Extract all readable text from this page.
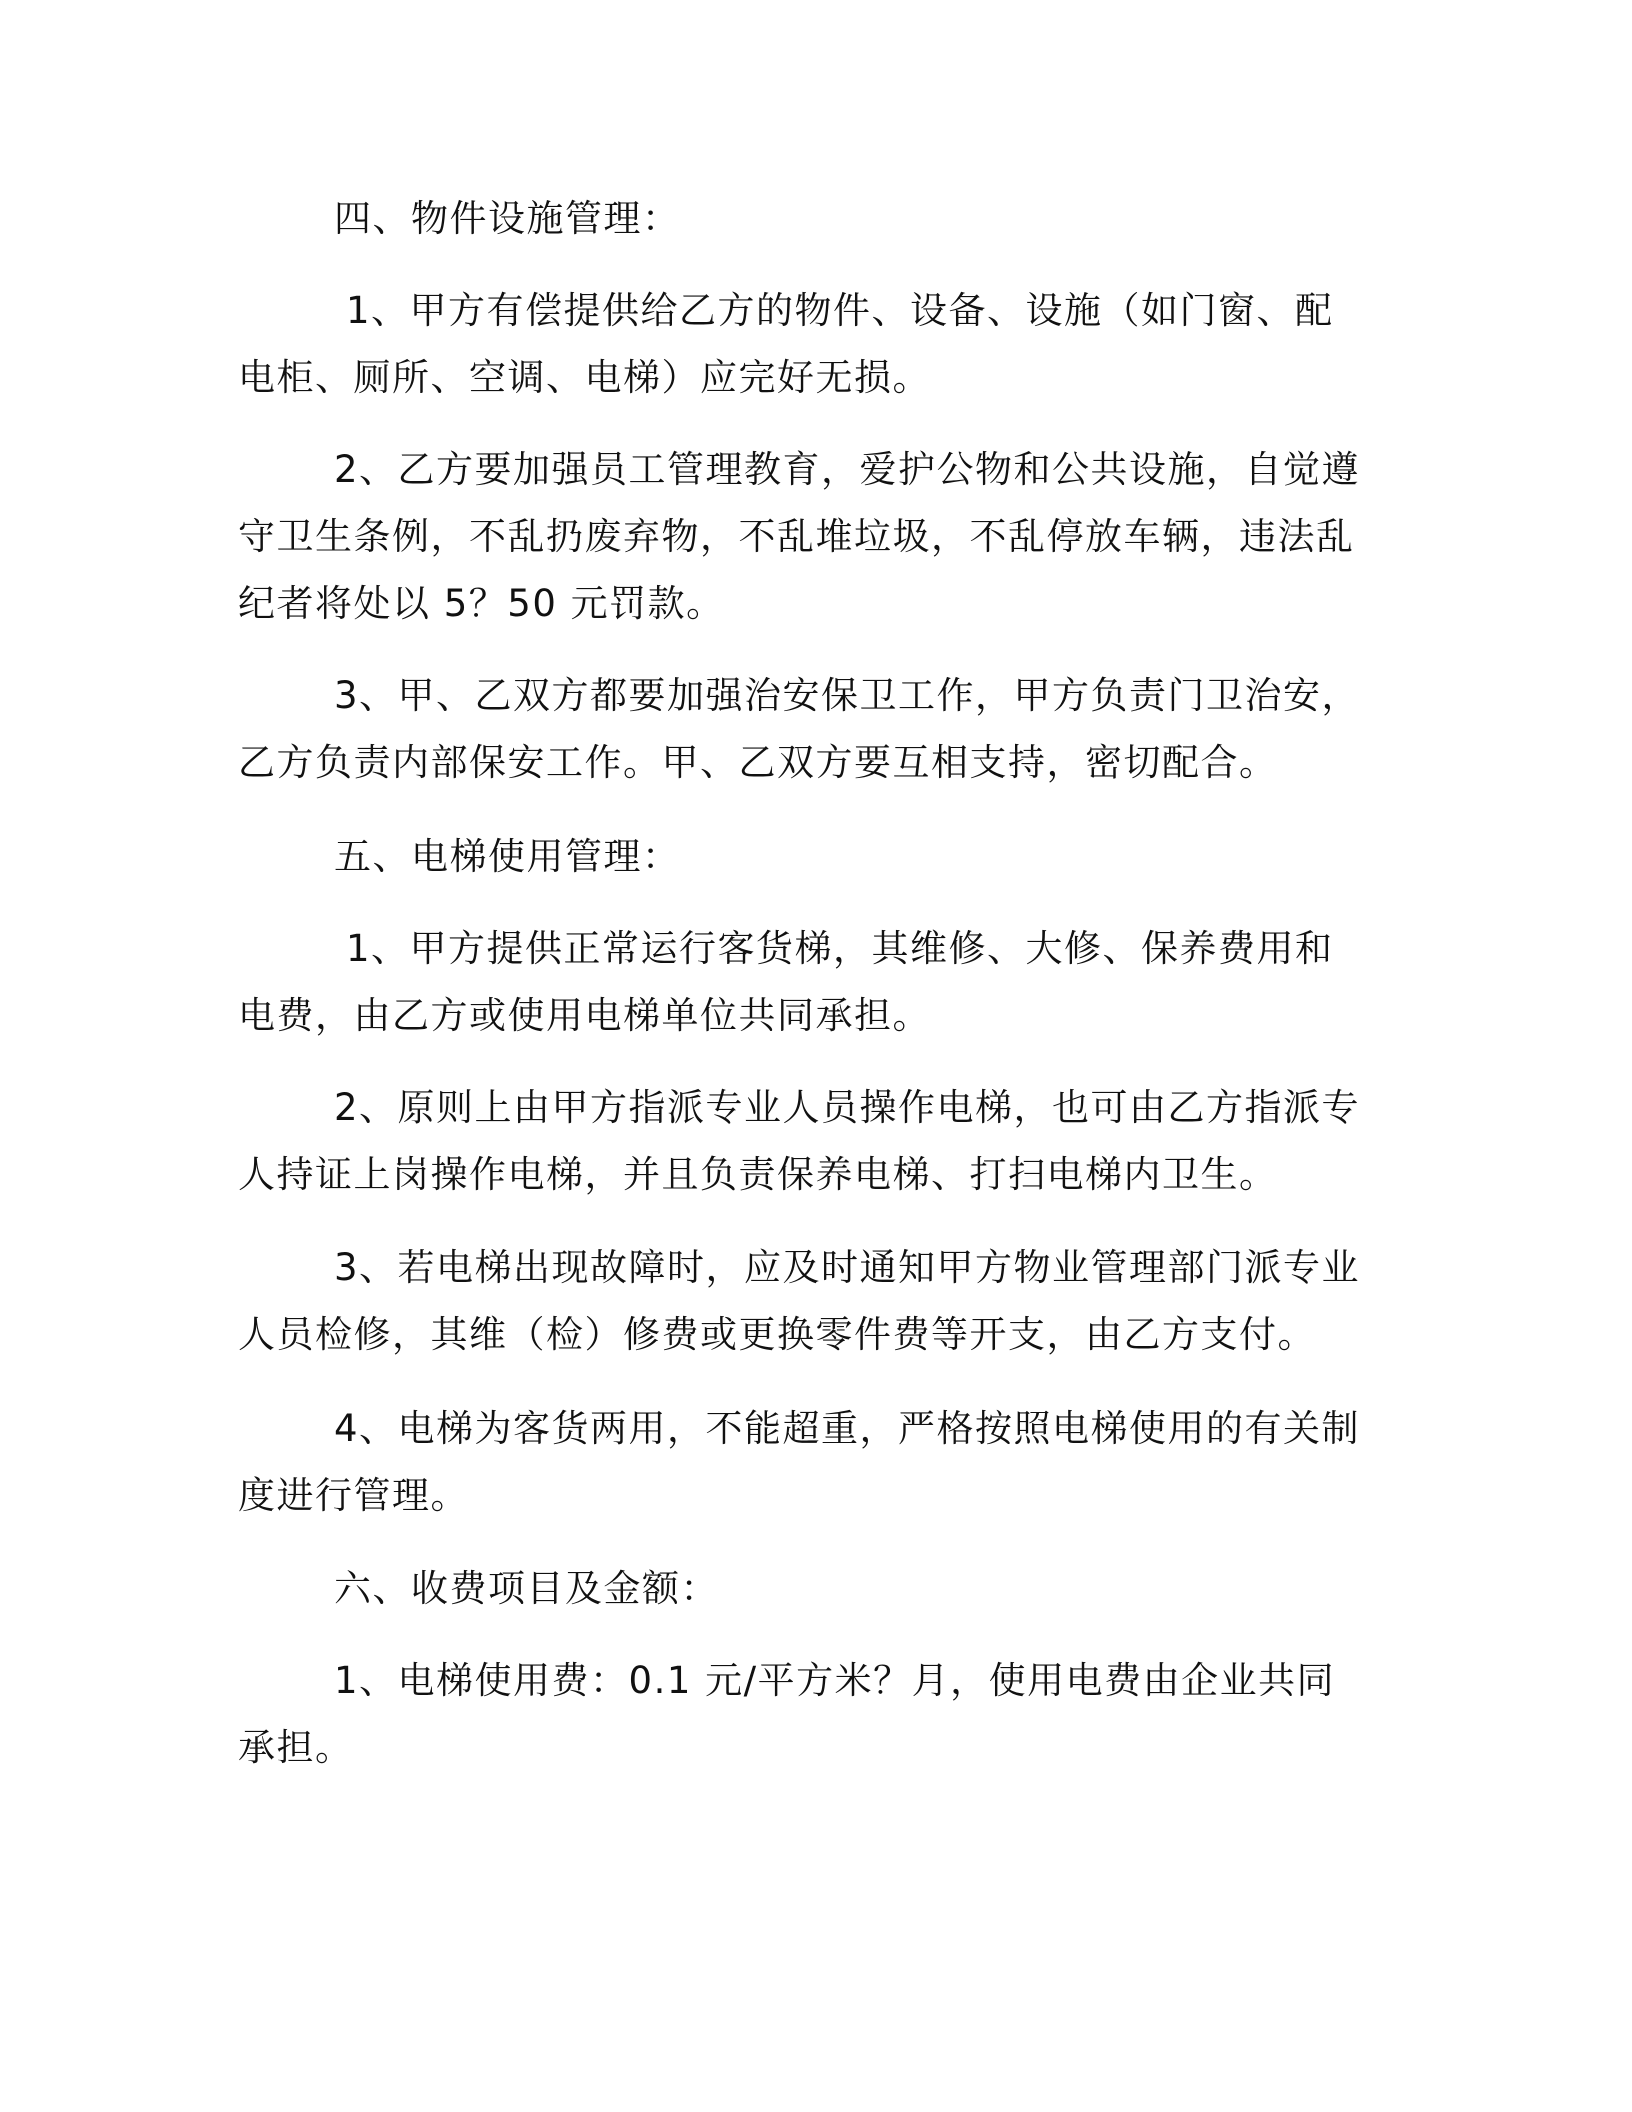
四、物件设施管理：

1、甲方有偿提供给乙方的物件、设备、设施（如门窗、配电柜、厕所、空调、电梯）应完好无损。

2、乙方要加强员工管理教育，爱护公物和公共设施，自觉遵守卫生条例，不乱扔废弃物，不乱堆垃圾，不乱停放车辆，违法乱纪者将处以 5？50 元罚款。

3、甲、乙双方都要加强治安保卫工作，甲方负责门卫治安，乙方负责内部保安工作。甲、乙双方要互相支持，密切配合。

五、电梯使用管理：

1、甲方提供正常运行客货梯，其维修、大修、保养费用和电费，由乙方或使用电梯单位共同承担。

2、原则上由甲方指派专业人员操作电梯，也可由乙方指派专人持证上岗操作电梯，并且负责保养电梯、打扫电梯内卫生。

3、若电梯出现故障时，应及时通知甲方物业管理部门派专业人员检修，其维（检）修费或更换零件费等开支，由乙方支付。

4、电梯为客货两用，不能超重，严格按照电梯使用的有关制度进行管理。

六、收费项目及金额：

1、电梯使用费：0.1 元/平方米？月，使用电费由企业共同承担。
